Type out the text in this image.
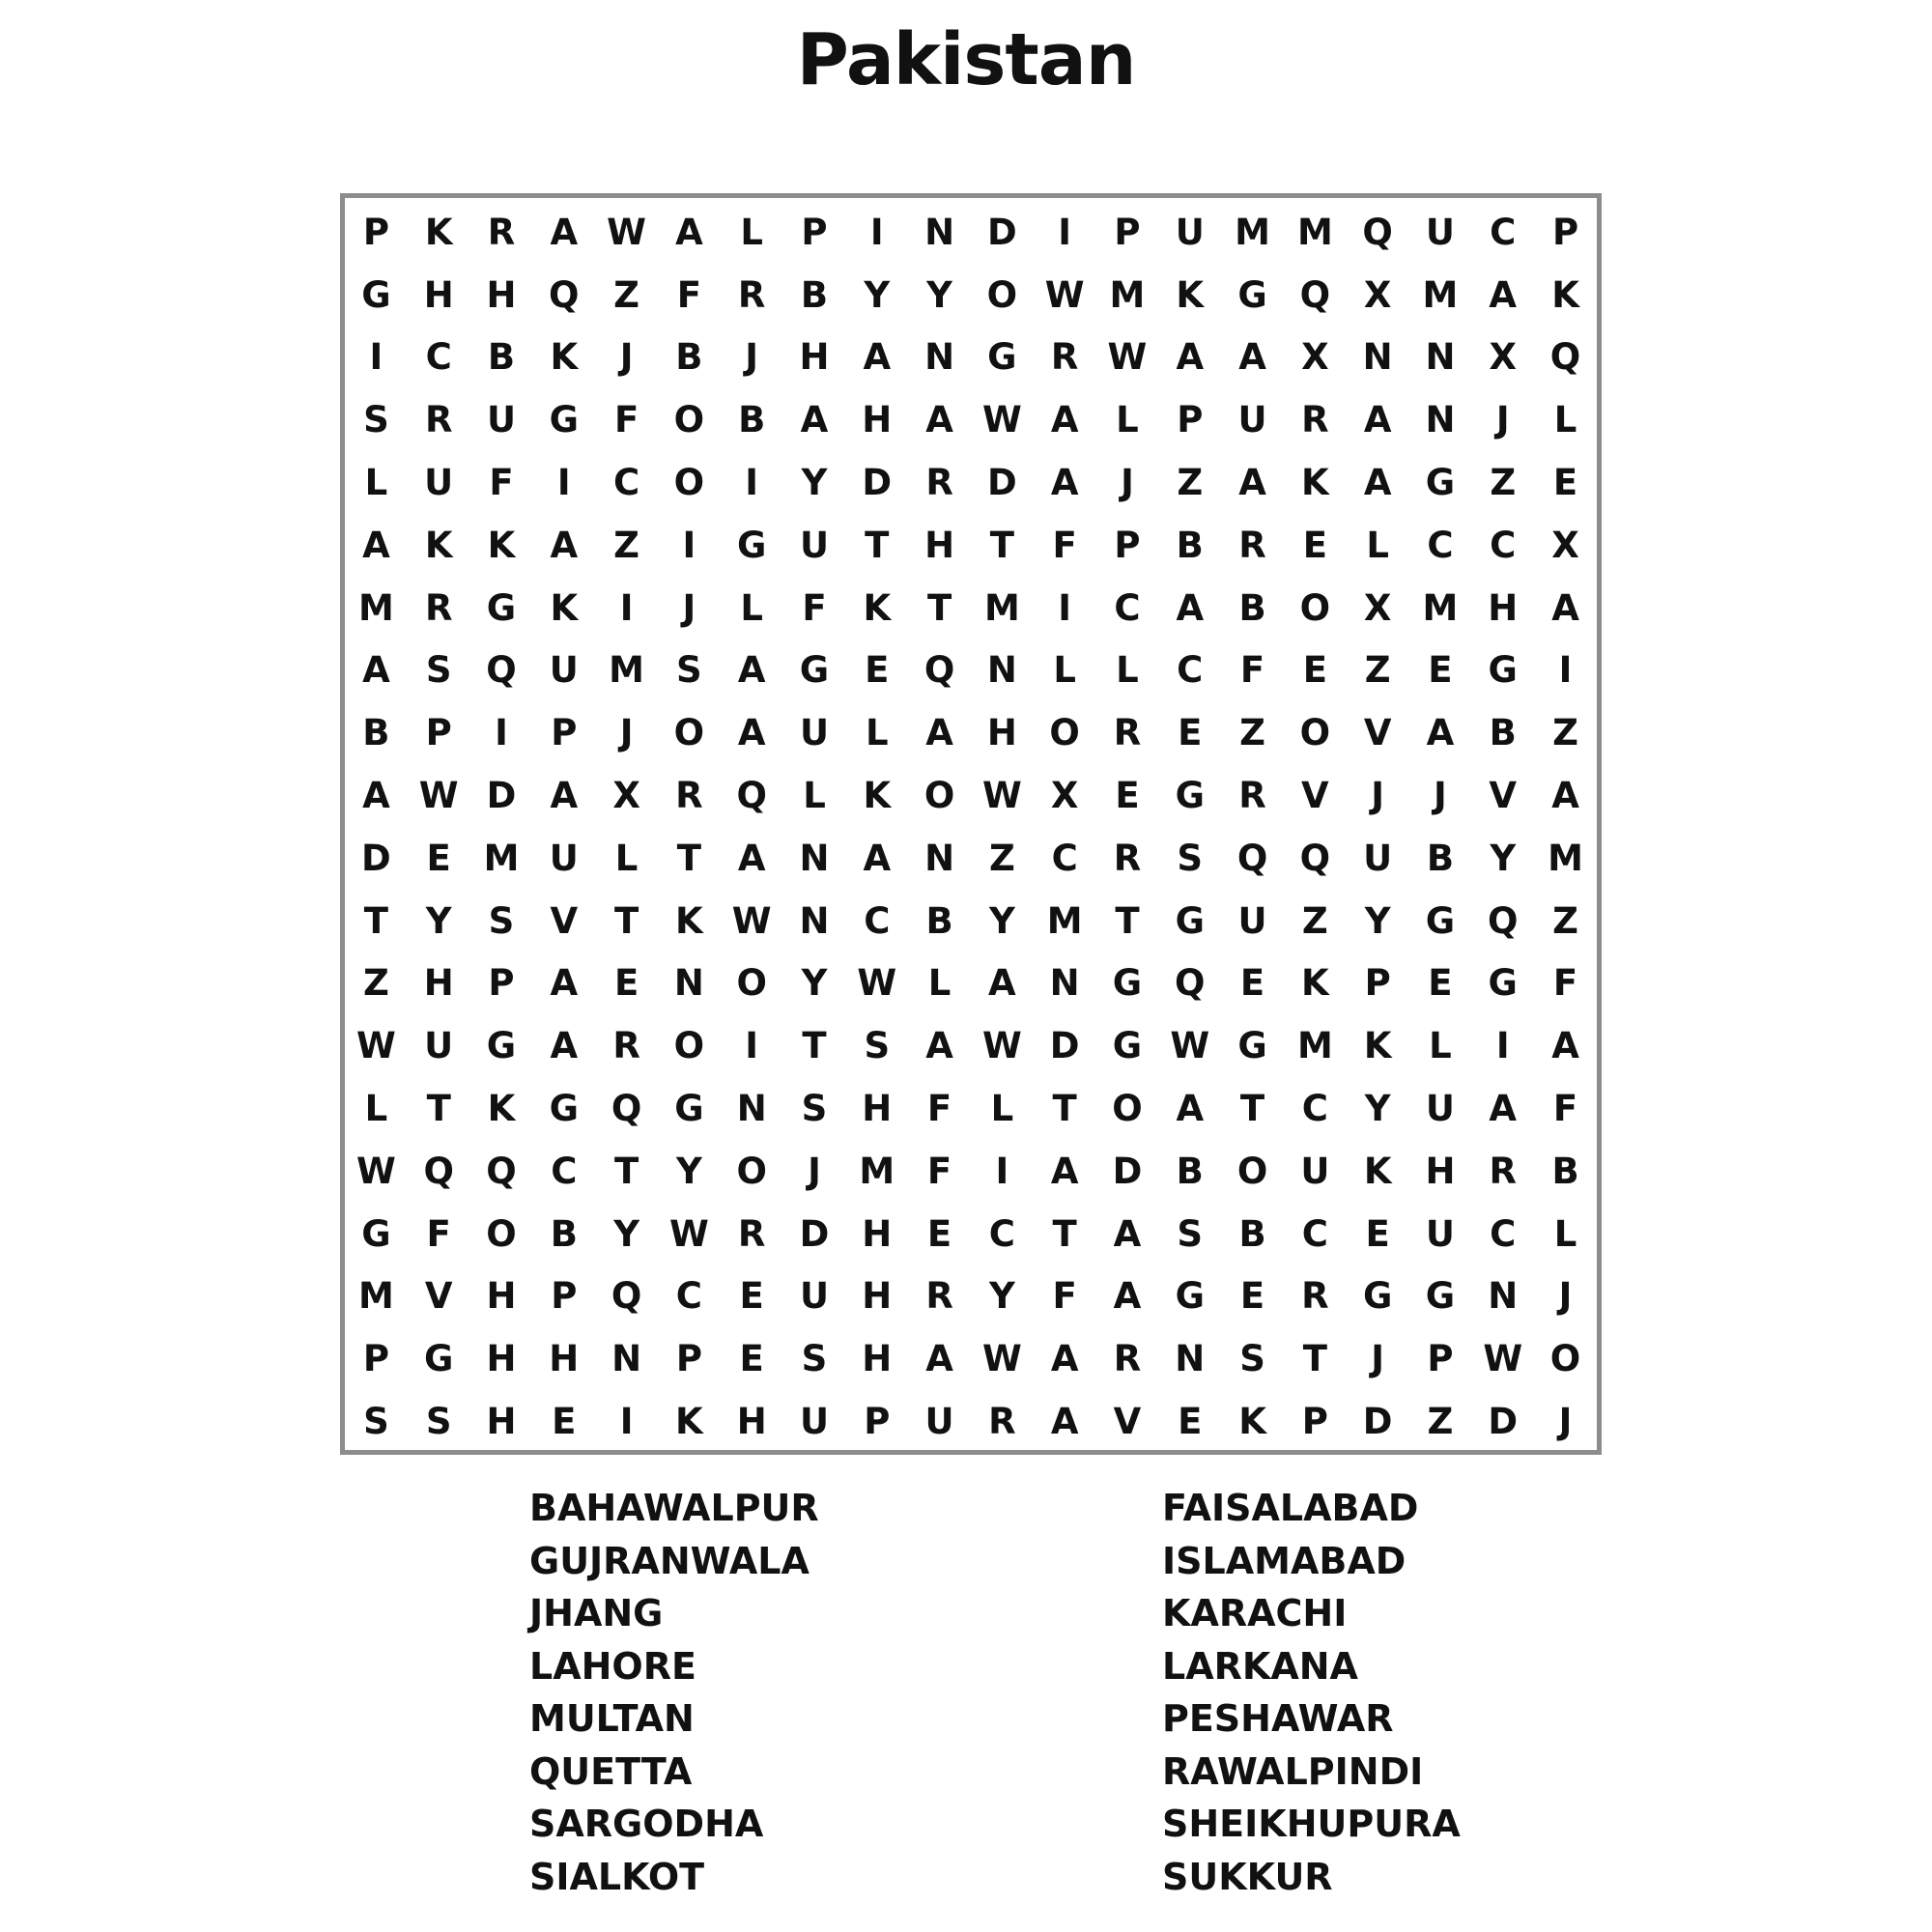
Pakistan
P K R A W A	L	P	I	N D	I	P U M M Q U C	P
G H H Q Z	F	R B	Y	Y O W M K G Q X M A K
I	C	B K	J	B	J	H A N G R W A A X N N X Q
S	R U G F O B A H A W A	L	P U R A N	J	L
L	U	F	I	C O	I	Y D R D A	J	Z	A K A G Z	E
A K K A	Z	I	G U	T H T	F	P	B R	E	L	C	C X
M R G K	I	J	L	F	K	T M	I	C A B O X M H A
A	S Q U M S	A G E Q N	L	L	C	F	E	Z	E G	I
B	P	I	P	J	O A U	L	A H O R	E	Z O V A B	Z
A W D A X R Q	L	K O W X	E G R V	J	J	V A
D E M U	L	T	A N A N Z	C R	S Q Q U B	Y M
T	Y	S	V	T	K W N C	B	Y M T G U Z	Y G Q Z
Z H P A	E N O Y W L	A N G Q E	K P	E G F
W U G A R O	I	T	S	A W D G W G M K	L	I	A
L	T	K G Q G N S H F	L	T O A	T	C	Y U A	F
W Q Q C	T	Y O	J	M F	I	A D B O U K H R B
G F O B	Y W R D H E	C	T	A	S	B	C	E	U C	L
M V H P Q C	E	U H R	Y	F	A G E	R G G N	J
P G H H N P	E	S H A W A R N S	T	J	P W O
S	S H E	I	K H U P U R A V	E	K P D Z D	J
BAHAWALPUR
GUJRANWALA
JHANG
LAHORE
MULTAN
QUETTA
SARGODHA
SIALKOT
FAISALABAD
ISLAMABAD
KARACHI
LARKANA
PESHAWAR
RAWALPINDI
SHEIKHUPURA
SUKKUR
